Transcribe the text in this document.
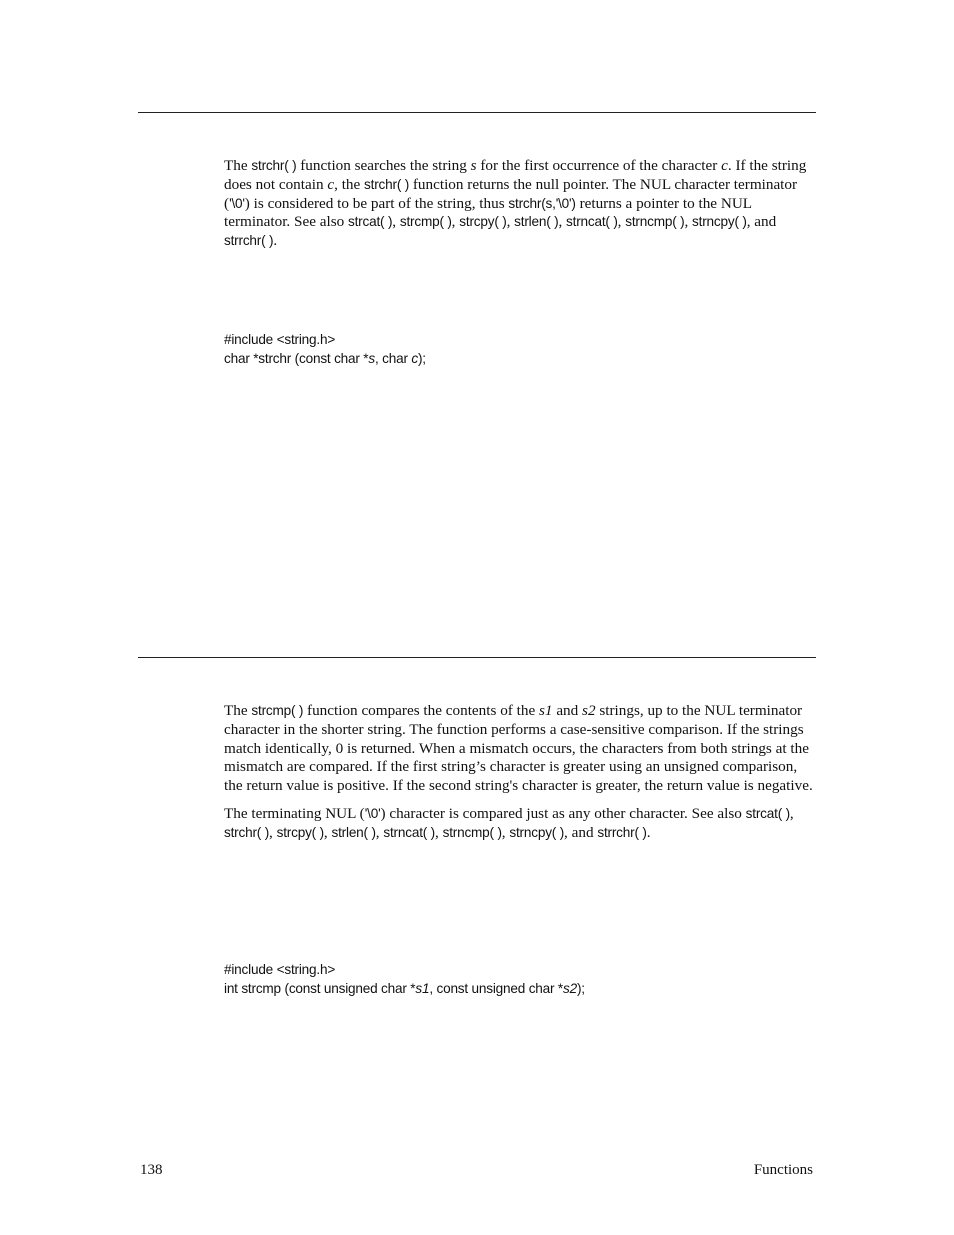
The strchr( ) function searches the string s for the first occurrence of the character c. If the string does not contain c, the strchr( ) function returns the null pointer. The NUL character terminator ('\0') is considered to be part of the string, thus strchr(s,'\0') returns a pointer to the NUL terminator. See also strcat( ), strcmp( ), strcpy( ), strlen( ), strncat( ), strncmp( ), strncpy( ), and strrchr( ).

#include <string.h>
char *strchr (const char *s, char c);

The strcmp( ) function compares the contents of the s1 and s2 strings, up to the NUL terminator character in the shorter string. The function performs a case-sensitive comparison. If the strings match identically, 0 is returned. When a mismatch occurs, the characters from both strings at the mismatch are compared. If the first string’s character is greater using an unsigned comparison, the return value is positive. If the second string's character is greater, the return value is negative.

The terminating NUL ('\0') character is compared just as any other character. See also strcat( ), strchr( ), strcpy( ), strlen( ), strncat( ), strncmp( ), strncpy( ), and strrchr( ).

#include <string.h>
int strcmp (const unsigned char *s1, const unsigned char *s2);
138	Functions
